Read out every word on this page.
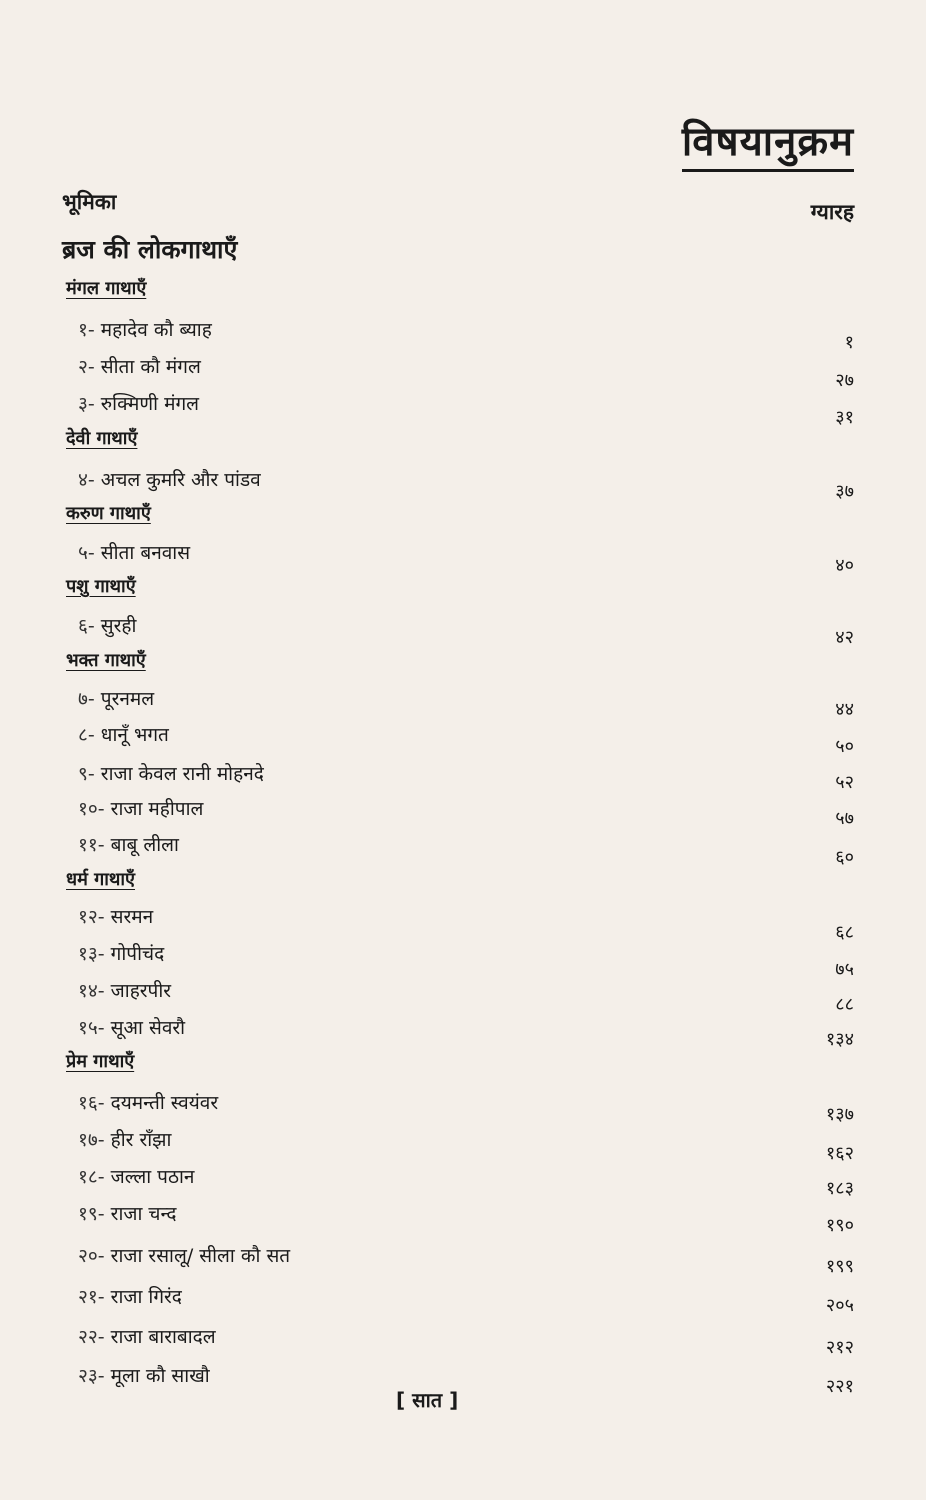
विषयानुक्रम
भूमिका	ग्यारह
ब्रज की लोकगाथाएँ
मंगल गाथाएँ
देवी गाथाएँ
करुण गाथाएँ
पशु गाथाएँ
भक्त गाथाएँ
धर्म गाथाएँ
प्रेम गाथाएँ
१- महादेव कौ ब्याह
२- सीता कौ मंगल
३- रुक्मिणी मंगल
४- अचल कुमरि और पांडव
५- सीता बनवास
६- सुरही
७- पूरनमल
८- धानूँ भगत
९- राजा केवल रानी मोहनदे
१०- राजा महीपाल
११- बाबू लीला
१२- सरमन
१३- गोपीचंद
१४- जाहरपीर
१५- सूआ सेवरौ
१६- दयमन्ती स्वयंवर
१७- हीर राँझा
१८- जल्ला पठान
१९- राजा चन्द
२०- राजा रसालू/ सीला कौ सत
२१- राजा गिरंद
२२- राजा बाराबादल
२३- मूला कौ साखौ
१
२७
३१
३७
४०
४२
४४
५०
५२
५७
६०
६८
७५
८८
१३४
१३७
१६२
१८३
१९०
१९९
२०५
२१२
२२१
[ सात ]
